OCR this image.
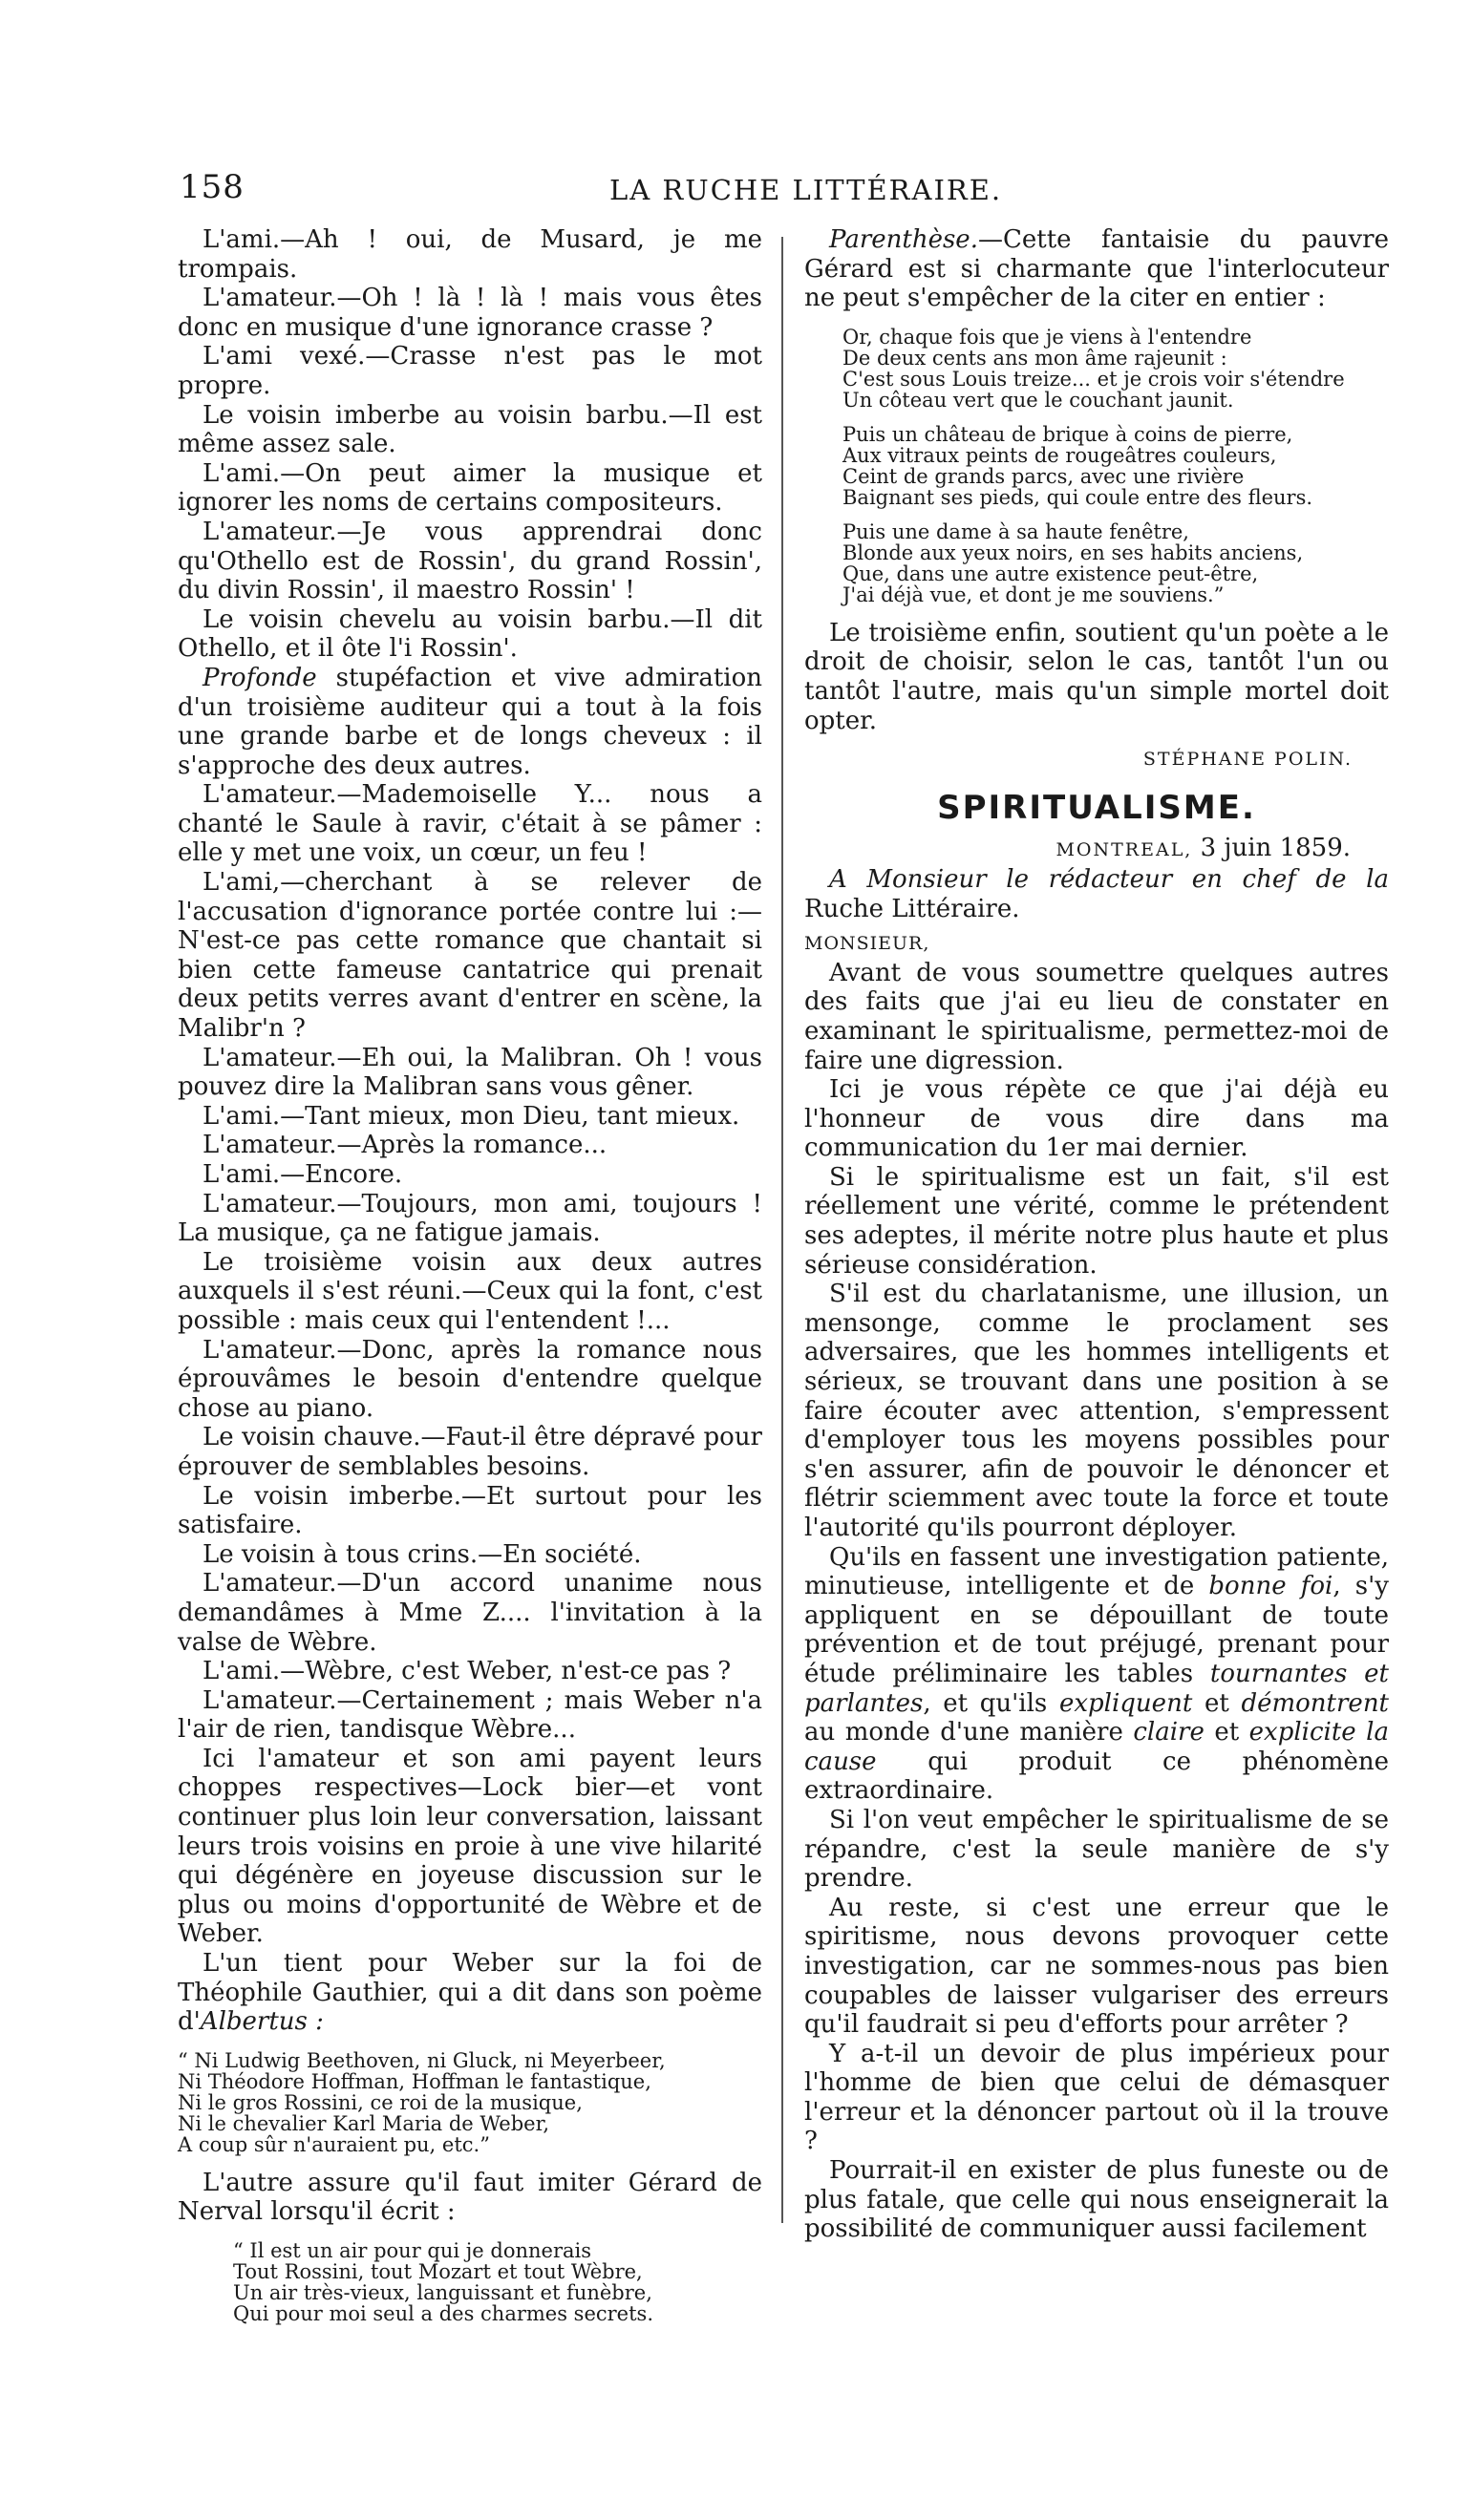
158	LA RUCHE LITTÉRAIRE.

L'ami.—Ah ! oui, de Musard, je me trompais.

L'amateur.—Oh ! là ! là ! mais vous êtes donc en musique d'une ignorance crasse ?

L'ami vexé.—Crasse n'est pas le mot propre.

Le voisin imberbe au voisin barbu.—Il est même assez sale.

L'ami.—On peut aimer la musique et ignorer les noms de certains compositeurs.

L'amateur.—Je vous apprendrai donc qu'Othello est de Rossin', du grand Rossin', du divin Rossin', il maestro Rossin' !

Le voisin chevelu au voisin barbu.—Il dit Othello, et il ôte l'i Rossin'.

Profonde stupéfaction et vive admiration d'un troisième auditeur qui a tout à la fois une grande barbe et de longs cheveux : il s'approche des deux autres.

L'amateur.—Mademoiselle Y... nous a chanté le Saule à ravir, c'était à se pâmer : elle y met une voix, un cœur, un feu !

L'ami,—cherchant à se relever de l'accusation d'ignorance portée contre lui :—N'est-ce pas cette romance que chantait si bien cette fameuse cantatrice qui prenait deux petits verres avant d'entrer en scène, la Malibr'n ?

L'amateur.—Eh oui, la Malibran. Oh ! vous pouvez dire la Malibran sans vous gêner.

L'ami.—Tant mieux, mon Dieu, tant mieux.

L'amateur.—Après la romance...

L'ami.—Encore.

L'amateur.—Toujours, mon ami, toujours ! La musique, ça ne fatigue jamais.

Le troisième voisin aux deux autres auxquels il s'est réuni.—Ceux qui la font, c'est possible : mais ceux qui l'entendent !...

L'amateur.—Donc, après la romance nous éprouvâmes le besoin d'entendre quelque chose au piano.

Le voisin chauve.—Faut-il être dépravé pour éprouver de semblables besoins.

Le voisin imberbe.—Et surtout pour les satisfaire.

Le voisin à tous crins.—En société.

L'amateur.—D'un accord unanime nous demandâmes à Mme Z.... l'invitation à la valse de Wèbre.

L'ami.—Wèbre, c'est Weber, n'est-ce pas ?

L'amateur.—Certainement ; mais Weber n'a l'air de rien, tandisque Wèbre...

Ici l'amateur et son ami payent leurs choppes respectives—Lock bier—et vont continuer plus loin leur conversation, laissant leurs trois voisins en proie à une vive hilarité qui dégénère en joyeuse discussion sur le plus ou moins d'opportunité de Wèbre et de Weber.

L'un tient pour Weber sur la foi de Théophile Gauthier, qui a dit dans son poème d'Albertus :

“ Ni Ludwig Beethoven, ni Gluck, ni Meyerbeer,
Ni Théodore Hoffman, Hoffman le fantastique,
Ni le gros Rossini, ce roi de la musique,
Ni le chevalier Karl Maria de Weber,
A coup sûr n'auraient pu, etc.”

L'autre assure qu'il faut imiter Gérard de Nerval lorsqu'il écrit :

“ Il est un air pour qui je donnerais
Tout Rossini, tout Mozart et tout Wèbre,
Un air très-vieux, languissant et funèbre,
Qui pour moi seul a des charmes secrets.

Parenthèse.—Cette fantaisie du pauvre Gérard est si charmante que l'interlocuteur ne peut s'empêcher de la citer en entier :

Or, chaque fois que je viens à l'entendre
De deux cents ans mon âme rajeunit :
C'est sous Louis treize... et je crois voir s'étendre
Un côteau vert que le couchant jaunit.
Puis un château de brique à coins de pierre,
Aux vitraux peints de rougeâtres couleurs,
Ceint de grands parcs, avec une rivière
Baignant ses pieds, qui coule entre des fleurs.
Puis une dame à sa haute fenêtre,
Blonde aux yeux noirs, en ses habits anciens,
Que, dans une autre existence peut-être,
J'ai déjà vue, et dont je me souviens.”

Le troisième enfin, soutient qu'un poète a le droit de choisir, selon le cas, tantôt l'un ou tantôt l'autre, mais qu'un simple mortel doit opter.

STÉPHANE POLIN.
SPIRITUALISME.
MONTREAL, 3 juin 1859.

A Monsieur le rédacteur en chef de la Ruche Littéraire.

MONSIEUR,

Avant de vous soumettre quelques autres des faits que j'ai eu lieu de constater en examinant le spiritualisme, permettez-moi de faire une digression.

Ici je vous répète ce que j'ai déjà eu l'honneur de vous dire dans ma communication du 1er mai dernier.

Si le spiritualisme est un fait, s'il est réellement une vérité, comme le prétendent ses adeptes, il mérite notre plus haute et plus sérieuse considération.

S'il est du charlatanisme, une illusion, un mensonge, comme le proclament ses adversaires, que les hommes intelligents et sérieux, se trouvant dans une position à se faire écouter avec attention, s'empressent d'employer tous les moyens possibles pour s'en assurer, afin de pouvoir le dénoncer et flétrir sciemment avec toute la force et toute l'autorité qu'ils pourront déployer.

Qu'ils en fassent une investigation patiente, minutieuse, intelligente et de bonne foi, s'y appliquent en se dépouillant de toute prévention et de tout préjugé, prenant pour étude préliminaire les tables tournantes et parlantes, et qu'ils expliquent et démontrent au monde d'une manière claire et explicite la cause qui produit ce phénomène extraordinaire.

Si l'on veut empêcher le spiritualisme de se répandre, c'est la seule manière de s'y prendre.

Au reste, si c'est une erreur que le spiritisme, nous devons provoquer cette investigation, car ne sommes-nous pas bien coupables de laisser vulgariser des erreurs qu'il faudrait si peu d'efforts pour arrêter ?

Y a-t-il un devoir de plus impérieux pour l'homme de bien que celui de démasquer l'erreur et la dénoncer partout où il la trouve ?

Pourrait-il en exister de plus funeste ou de plus fatale, que celle qui nous enseignerait la possibilité de communiquer aussi facilement
